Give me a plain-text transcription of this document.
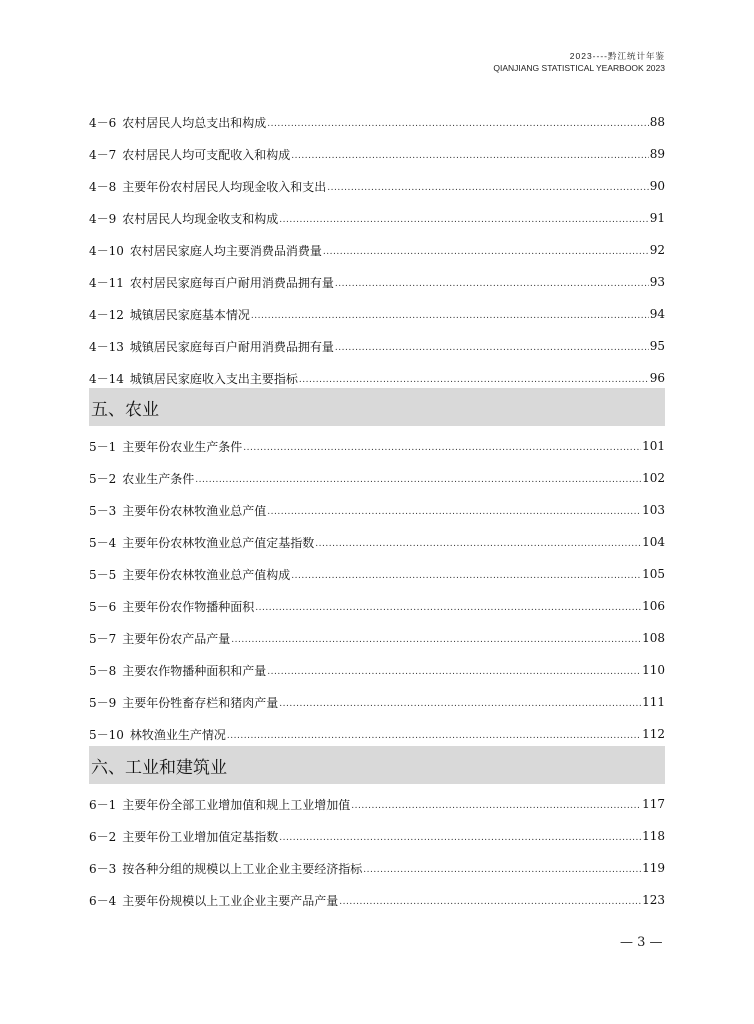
2023----黔江统计年鉴
QIANJIANG STATISTICAL YEARBOOK 2023
4－6 农村居民人均总支出和构成 .....	88
4－7 农村居民人均可支配收入和构成 .....	89
4－8 主要年份农村居民人均现金收入和支出 .....	90
4－9 农村居民人均现金收支和构成 .....	91
4－10 农村居民家庭人均主要消费品消费量 .....	92
4－11 农村居民家庭每百户耐用消费品拥有量 .....	93
4－12 城镇居民家庭基本情况 .....	94
4－13 城镇居民家庭每百户耐用消费品拥有量 .....	95
4－14 城镇居民家庭收入支出主要指标 .....	96
五、农业
5－1 主要年份农业生产条件 .....	101
5－2 农业生产条件 .....	102
5－3 主要年份农林牧渔业总产值 .....	103
5－4 主要年份农林牧渔业总产值定基指数 .....	104
5－5 主要年份农林牧渔业总产值构成 .....	105
5－6 主要年份农作物播种面积 .....	106
5－7 主要年份农产品产量 .....	108
5－8 主要农作物播种面积和产量 .....	110
5－9 主要年份牲畜存栏和猪肉产量 .....	111
5－10 林牧渔业生产情况 .....	112
六、工业和建筑业
6－1 主要年份全部工业增加值和规上工业增加值 .....	117
6－2 主要年份工业增加值定基指数 .....	118
6－3 按各种分组的规模以上工业企业主要经济指标 .....	119
6－4 主要年份规模以上工业企业主要产品产量 .....	123
— 3 —
